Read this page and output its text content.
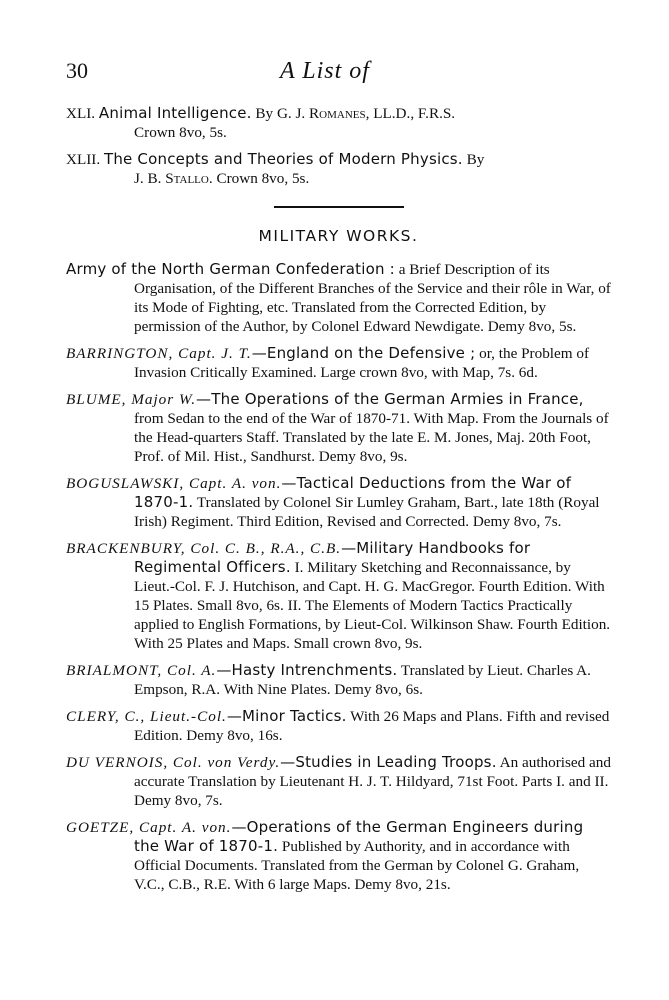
30	A List of
XLI. Animal Intelligence. By G. J. Romanes, LL.D., F.R.S.
Crown 8vo, 5s.
XLII. The Concepts and Theories of Modern Physics. By
J. B. Stallo. Crown 8vo, 5s.
MILITARY WORKS.
Army of the North German Confederation : a Brief Description of its Organisation, of the Different Branches of the Service and their rôle in War, of its Mode of Fighting, etc. Translated from the Corrected Edition, by permission of the Author, by Colonel Edward Newdigate. Demy 8vo, 5s.
BARRINGTON, Capt. J. T.—England on the Defensive ; or, the Problem of Invasion Critically Examined. Large crown 8vo, with Map, 7s. 6d.
BLUME, Major W.—The Operations of the German Armies in France, from Sedan to the end of the War of 1870-71. With Map. From the Journals of the Head-quarters Staff. Translated by the late E. M. Jones, Maj. 20th Foot, Prof. of Mil. Hist., Sandhurst. Demy 8vo, 9s.
BOGUSLAWSKI, Capt. A. von.—Tactical Deductions from the War of 1870-1. Translated by Colonel Sir Lumley Graham, Bart., late 18th (Royal Irish) Regiment. Third Edition, Revised and Corrected. Demy 8vo, 7s.
BRACKENBURY, Col. C. B., R.A., C.B.—Military Handbooks for Regimental Officers. I. Military Sketching and Reconnaissance, by Lieut.-Col. F. J. Hutchison, and Capt. H. G. MacGregor. Fourth Edition. With 15 Plates. Small 8vo, 6s. II. The Elements of Modern Tactics Practically applied to English Formations, by Lieut-Col. Wilkinson Shaw. Fourth Edition. With 25 Plates and Maps. Small crown 8vo, 9s.
BRIALMONT, Col. A.—Hasty Intrenchments. Translated by Lieut. Charles A. Empson, R.A. With Nine Plates. Demy 8vo, 6s.
CLERY, C., Lieut.-Col.—Minor Tactics. With 26 Maps and Plans. Fifth and revised Edition. Demy 8vo, 16s.
DU VERNOIS, Col. von Verdy.—Studies in Leading Troops. An authorised and accurate Translation by Lieutenant H. J. T. Hildyard, 71st Foot. Parts I. and II. Demy 8vo, 7s.
GOETZE, Capt. A. von.—Operations of the German Engineers during the War of 1870-1. Published by Authority, and in accordance with Official Documents. Translated from the German by Colonel G. Graham, V.C., C.B., R.E. With 6 large Maps. Demy 8vo, 21s.
